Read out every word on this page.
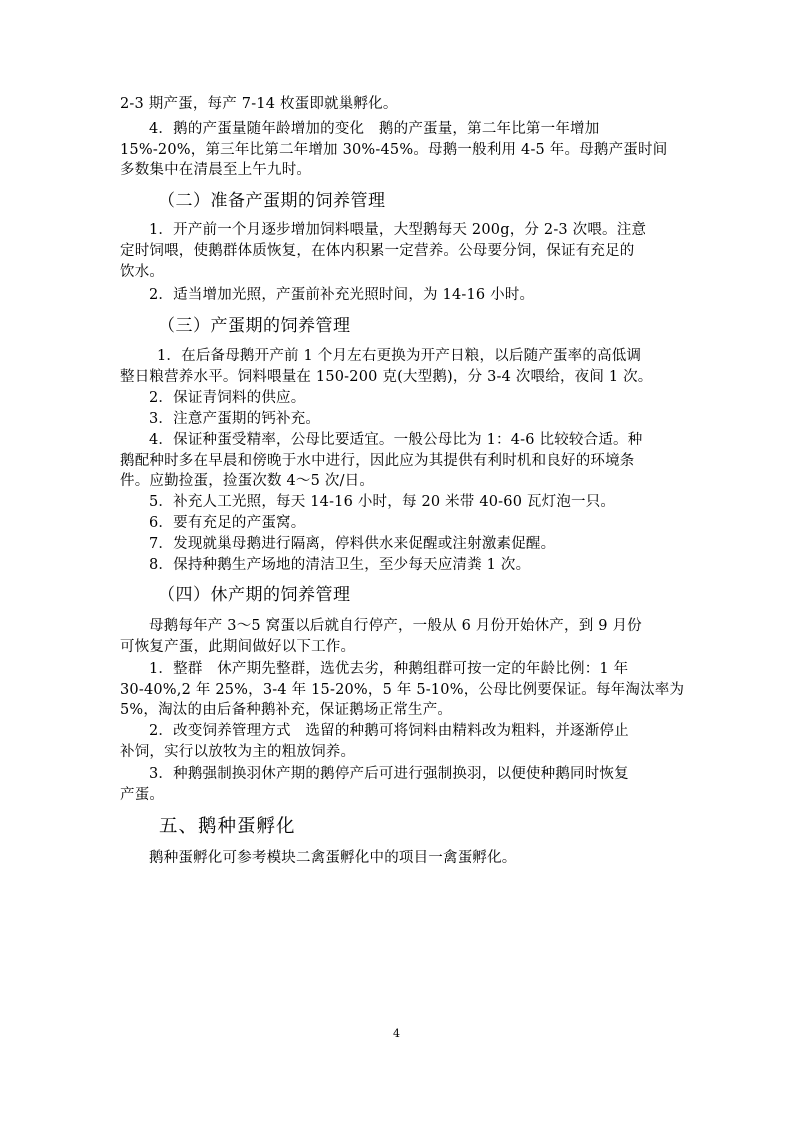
2-3 期产蛋，每产 7-14 枚蛋即就巢孵化。
4．鹅的产蛋量随年龄增加的变化　鹅的产蛋量，第二年比第一年增加
15%-20%，第三年比第二年增加 30%-45%。母鹅一般利用 4-5 年。母鹅产蛋时间
多数集中在清晨至上午九时。
（二）准备产蛋期的饲养管理
1．开产前一个月逐步增加饲料喂量，大型鹅每天 200g，分 2-3 次喂。注意
定时饲喂，使鹅群体质恢复，在体内积累一定营养。公母要分饲，保证有充足的
饮水。
2．适当增加光照，产蛋前补充光照时间，为 14-16 小时。
（三）产蛋期的饲养管理
1．在后备母鹅开产前 1 个月左右更换为开产日粮，以后随产蛋率的高低调
整日粮营养水平。饲料喂量在 150-200 克(大型鹅)，分 3-4 次喂给，夜间 1 次。
2．保证青饲料的供应。
3．注意产蛋期的钙补充。
4．保证种蛋受精率，公母比要适宜。一般公母比为 1：4-6 比较较合适。种
鹅配种时多在早晨和傍晚于水中进行，因此应为其提供有利时机和良好的环境条
件。应勤捡蛋，捡蛋次数 4～5 次/日。
5．补充人工光照，每天 14-16 小时，每 20 米带 40-60 瓦灯泡一只。
6．要有充足的产蛋窝。
7．发现就巢母鹅进行隔离，停料供水来促醒或注射激素促醒。
8．保持种鹅生产场地的清洁卫生，至少每天应清粪 1 次。
（四）休产期的饲养管理
母鹅每年产 3～5 窝蛋以后就自行停产，一般从 6 月份开始休产，到 9 月份
可恢复产蛋，此期间做好以下工作。
1．整群　休产期先整群，选优去劣，种鹅组群可按一定的年龄比例：1 年
30-40%,2 年 25%，3-4 年 15-20%，5 年 5-10%，公母比例要保证。每年淘汰率为
5%，淘汰的由后备种鹅补充，保证鹅场正常生产。
2．改变饲养管理方式　选留的种鹅可将饲料由精料改为粗料，并逐渐停止
补饲，实行以放牧为主的粗放饲养。
3．种鹅强制换羽休产期的鹅停产后可进行强制换羽，以便使种鹅同时恢复
产蛋。
五、鹅种蛋孵化
鹅种蛋孵化可参考模块二禽蛋孵化中的项目一禽蛋孵化。
4
